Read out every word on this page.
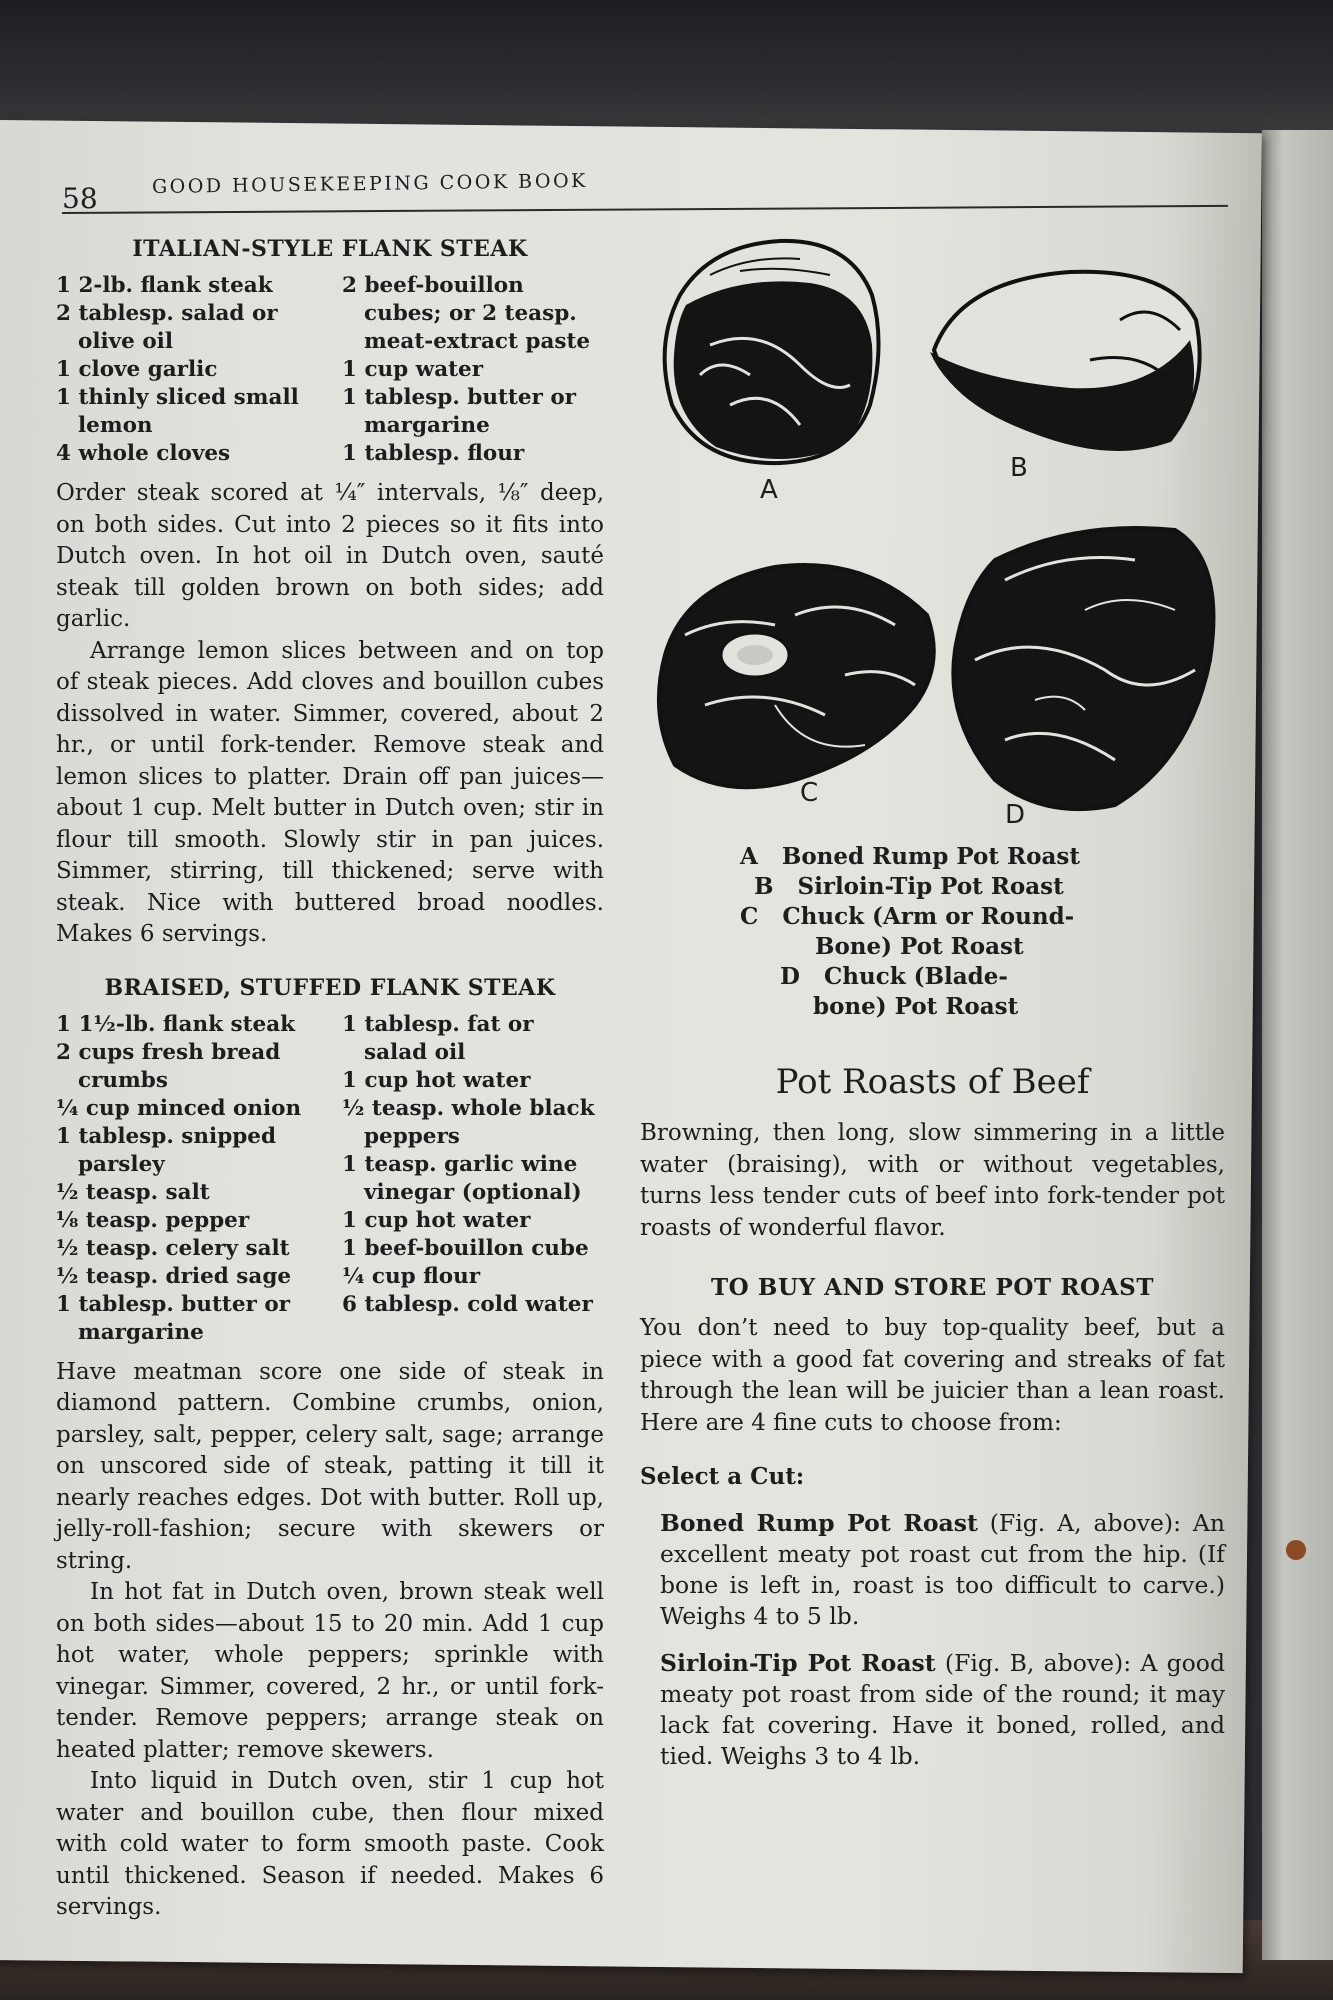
58	GOOD HOUSEKEEPING COOK BOOK
ITALIAN-STYLE FLANK STEAK
1 2-lb. flank steak
2 tablesp. salad or olive oil
1 clove garlic
1 thinly sliced small lemon
4 whole cloves
2 beef-bouillon cubes; or 2 teasp. meat-extract paste
1 cup water
1 tablesp. butter or margarine
1 tablesp. flour

Order steak scored at ¼″ intervals, ⅛″ deep, on both sides. Cut into 2 pieces so it fits into Dutch oven. In hot oil in Dutch oven, sauté steak till golden brown on both sides; add garlic.

Arrange lemon slices between and on top of steak pieces. Add cloves and bouillon cubes dissolved in water. Simmer, covered, about 2 hr., or until fork-tender. Remove steak and lemon slices to platter. Drain off pan juices—about 1 cup. Melt butter in Dutch oven; stir in flour till smooth. Slowly stir in pan juices. Simmer, stirring, till thickened; serve with steak. Nice with buttered broad noodles. Makes 6 servings.

BRAISED, STUFFED FLANK STEAK
1 1½-lb. flank steak
2 cups fresh bread crumbs
¼ cup minced onion
1 tablesp. snipped parsley
½ teasp. salt
⅛ teasp. pepper
½ teasp. celery salt
½ teasp. dried sage
1 tablesp. butter or margarine
1 tablesp. fat or salad oil
1 cup hot water
½ teasp. whole black peppers
1 teasp. garlic wine vinegar (optional)
1 cup hot water
1 beef-bouillon cube
¼ cup flour
6 tablesp. cold water

Have meatman score one side of steak in diamond pattern. Combine crumbs, onion, parsley, salt, pepper, celery salt, sage; arrange on unscored side of steak, patting it till it nearly reaches edges. Dot with butter. Roll up, jelly-roll-fashion; secure with skewers or string.

In hot fat in Dutch oven, brown steak well on both sides—about 15 to 20 min. Add 1 cup hot water, whole peppers; sprinkle with vinegar. Simmer, covered, 2 hr., or until fork-tender. Remove peppers; arrange steak on heated platter; remove skewers.

Into liquid in Dutch oven, stir 1 cup hot water and bouillon cube, then flour mixed with cold water to form smooth paste. Cook until thickened. Season if needed. Makes 6 servings.

A
B
C
D
A Boned Rump Pot Roast
B Sirloin-Tip Pot Roast
C Chuck (Arm or Round-
Bone) Pot Roast
D Chuck (Blade-
bone) Pot Roast
Pot Roasts of Beef

Browning, then long, slow simmering in a little water (braising), with or without vegetables, turns less tender cuts of beef into fork-tender pot roasts of wonderful flavor.

TO BUY AND STORE POT ROAST

You don’t need to buy top-quality beef, but a piece with a good fat covering and streaks of fat through the lean will be juicier than a lean roast. Here are 4 fine cuts to choose from:

Select a Cut:
Boned Rump Pot Roast (Fig. A, above): An excellent meaty pot roast cut from the hip. (If bone is left in, roast is too difficult to carve.) Weighs 4 to 5 lb.
Sirloin-Tip Pot Roast (Fig. B, above): A good meaty pot roast from side of the round; it may lack fat covering. Have it boned, rolled, and tied. Weighs 3 to 4 lb.
